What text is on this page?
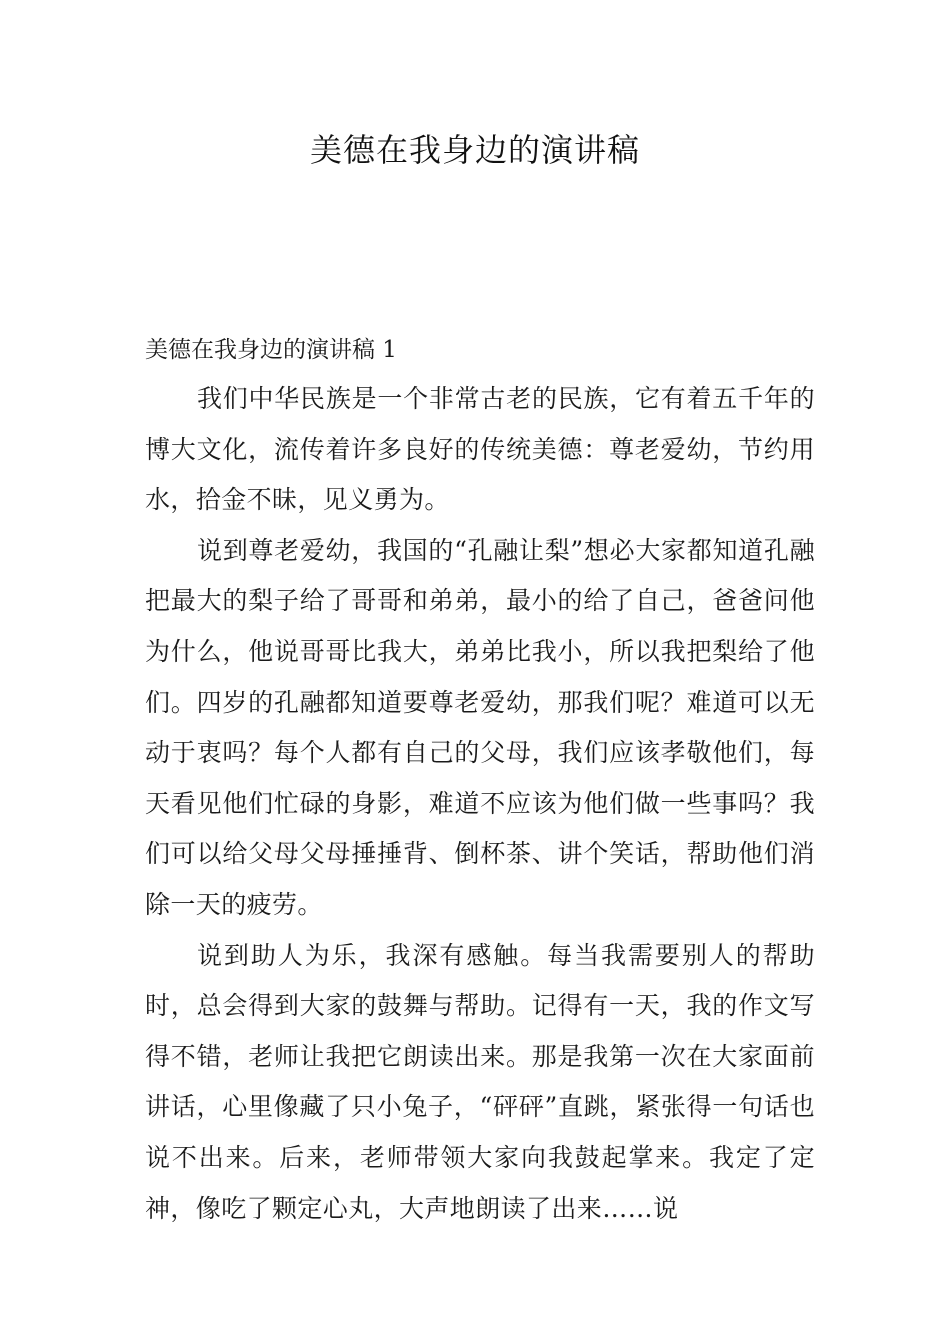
美德在我身边的演讲稿

美德在我身边的演讲稿 1

我们中华民族是一个非常古老的民族，它有着五千年的博大文化，流传着许多良好的传统美德：尊老爱幼，节约用水，拾金不昧，见义勇为。

说到尊老爱幼，我国的“孔融让梨”想必大家都知道孔融把最大的梨子给了哥哥和弟弟，最小的给了自己，爸爸问他为什么，他说哥哥比我大，弟弟比我小，所以我把梨给了他们。四岁的孔融都知道要尊老爱幼，那我们呢？难道可以无动于衷吗？每个人都有自己的父母，我们应该孝敬他们，每天看见他们忙碌的身影，难道不应该为他们做一些事吗？我们可以给父母父母捶捶背、倒杯茶、讲个笑话，帮助他们消除一天的疲劳。

说到助人为乐，我深有感触。每当我需要别人的帮助时，总会得到大家的鼓舞与帮助。记得有一天，我的作文写得不错，老师让我把它朗读出来。那是我第一次在大家面前讲话，心里像藏了只小兔子，“砰砰”直跳，紧张得一句话也说不出来。后来，老师带领大家向我鼓起掌来。我定了定神，像吃了颗定心丸，大声地朗读了出来……说
